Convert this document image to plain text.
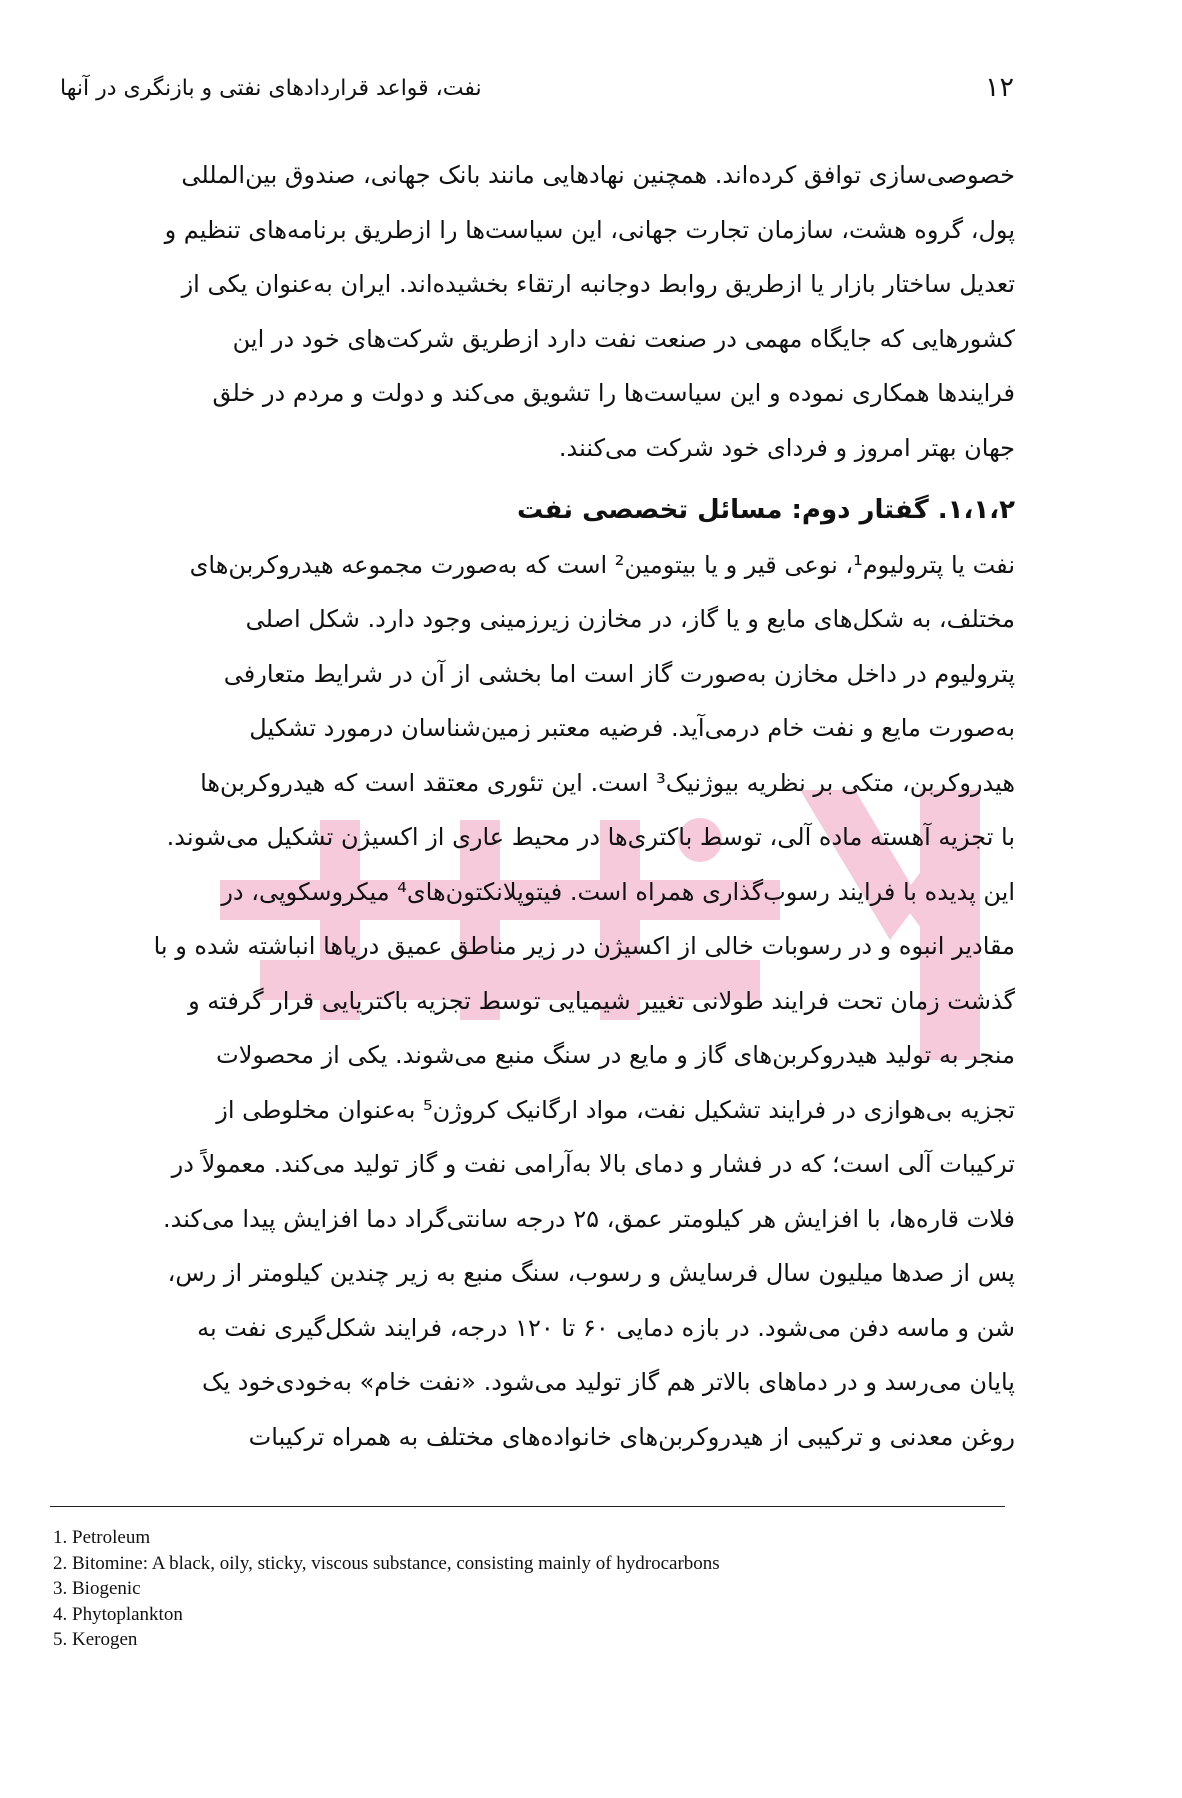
نفت، قواعد قراردادهای نفتی و بازنگری در آنها	۱۲
خصوصی‌سازی توافق کرده‌اند. همچنین نهادهایی مانند بانک جهانی، صندوق بین‌المللی
پول، گروه هشت، سازمان تجارت جهانی، این سیاست‌ها را ازطریق برنامه‌های تنظیم و
تعدیل ساختار بازار یا ازطریق روابط دوجانبه ارتقاء بخشیده‌اند. ایران به‌عنوان یکی از
کشورهایی که جایگاه مهمی در صنعت نفت دارد ازطریق شرکت‌های خود در این
فرایندها همکاری نموده و این سیاست‌ها را تشویق می‌کند و دولت و مردم در خلق
جهان بهتر امروز و فردای خود شرکت می‌کنند.
۱،۱،۲. گفتار دوم: مسائل تخصصی نفت
نفت یا پترولیوم¹، نوعی قیر و یا بیتومین² است که به‌صورت مجموعه هیدروکربن‌های
مختلف، به شکل‌های مایع و یا گاز، در مخازن زیرزمینی وجود دارد. شکل اصلی
پترولیوم در داخل مخازن به‌صورت گاز است اما بخشی از آن در شرایط متعارفی
به‌صورت مایع و نفت خام درمی‌آید. فرضیه معتبر زمین‌شناسان درمورد تشکیل
هیدروکربن، متکی بر نظریه بیوژنیک³ است. این تئوری معتقد است که هیدروکربن‌ها
با تجزیه آهسته ماده آلی، توسط باکتری‌ها در محیط عاری از اکسیژن تشکیل می‌شوند.
این پدیده با فرایند رسوب‌گذاری همراه است. فیتوپلانکتون‌های⁴ میکروسکوپی، در
مقادیر انبوه و در رسوبات خالی از اکسیژن در زیر مناطق عمیق دریاها انباشته شده و با
گذشت زمان تحت فرایند طولانی تغییر شیمیایی توسط تجزیه باکتریایی قرار گرفته و
منجر به تولید هیدروکربن‌های گاز و مایع در سنگ منبع می‌شوند. یکی از محصولات
تجزیه بی‌هوازی در فرایند تشکیل نفت، مواد ارگانیک کروژن⁵ به‌عنوان مخلوطی از
ترکیبات آلی است؛ که در فشار و دمای بالا به‌آرامی نفت و گاز تولید می‌کند. معمولاً در
فلات قاره‌ها، با افزایش هر کیلومتر عمق، ۲۵ درجه سانتی‌گراد دما افزایش پیدا می‌کند.
پس از صدها میلیون سال فرسایش و رسوب، سنگ منبع به زیر چندین کیلومتر از رس،
شن و ماسه دفن می‌شود. در بازه دمایی ۶۰ تا ۱۲۰ درجه، فرایند شکل‌گیری نفت به
پایان می‌رسد و در دماهای بالاتر هم گاز تولید می‌شود. «نفت خام» به‌خودی‌خود یک
روغن معدنی و ترکیبی از هیدروکربن‌های خانواده‌های مختلف به همراه ترکیبات
1. Petroleum
2. Bitomine: A black, oily, sticky, viscous substance, consisting mainly of hydrocarbons
3. Biogenic
4. Phytoplankton
5. Kerogen
